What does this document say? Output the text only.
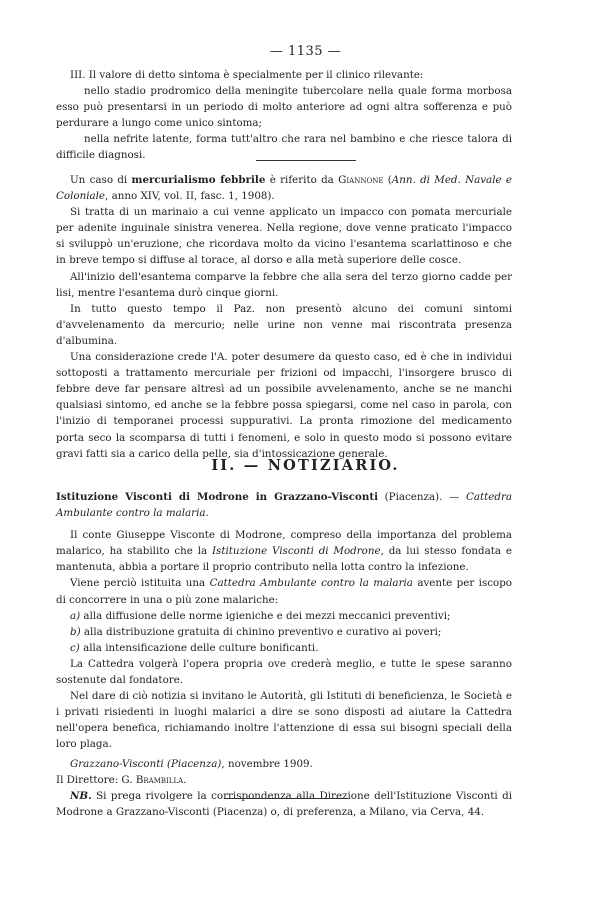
— 1135 —

III. Il valore di detto sintoma è specialmente per il clinico rilevante:

nello stadio prodromico della meningite tubercolare nella quale forma morbosa esso può presentarsi in un periodo di molto anteriore ad ogni altra sofferenza e può perdurare a lungo come unico sintoma;

nella nefrite latente, forma tutt'altro che rara nel bambino e che riesce talora di difficile diagnosi.

Un caso di mercurialismo febbrile è riferito da Giannone (Ann. di Med. Navale e Coloniale, anno XIV, vol. II, fasc. 1, 1908).

Si tratta di un marinaio a cui venne applicato un impacco con pomata mercuriale per adenite inguinale sinistra venerea. Nella regione, dove venne praticato l'impacco si sviluppò un'eruzione, che ricordava molto da vicino l'esantema scarlattinoso e che in breve tempo si diffuse al torace, al dorso e alla metà superiore delle cosce.

All'inizio dell'esantema comparve la febbre che alla sera del terzo giorno cadde per lisi, mentre l'esantema durò cinque giorni.

In tutto questo tempo il Paz. non presentò alcuno dei comuni sintomi d'avvelenamento da mercurio; nelle urine non venne mai riscontrata presenza d'albumina.

Una considerazione crede l'A. poter desumere da questo caso, ed è che in individui sottoposti a trattamento mercuriale per frizioni od impacchi, l'insorgere brusco di febbre deve far pensare altresì ad un possibile avvelenamento, anche se ne manchi qualsiasi sintomo, ed anche se la febbre possa spiegarsi, come nel caso in parola, con l'inizio di temporanei processi suppurativi. La pronta rimozione del medicamento porta seco la scomparsa di tutti i fenomeni, e solo in questo modo si possono evitare gravi fatti sia a carico della pelle, sia d'intossicazione generale.

II. — NOTIZIARIO.

Istituzione Visconti di Modrone in Grazzano-Visconti (Piacenza). — Cattedra Ambulante contro la malaria.

Il conte Giuseppe Visconte di Modrone, compreso della importanza del problema malarico, ha stabilito che la Istituzione Visconti di Modrone, da lui stesso fondata e mantenuta, abbia a portare il proprio contributo nella lotta contro la infezione.

Viene perciò istituita una Cattedra Ambulante contro la malaria avente per iscopo di concorrere in una o più zone malariche:

a) alla diffusione delle norme igieniche e dei mezzi meccanici preventivi;

b) alla distribuzione gratuita di chinino preventivo e curativo ai poveri;

c) alla intensificazione delle culture bonificanti.

La Cattedra volgerà l'opera propria ove crederà meglio, e tutte le spese saranno sostenute dal fondatore.

Nel dare di ciò notizia si invitano le Autorità, gli Istituti di beneficienza, le Società e i privati risiedenti in luoghi malarici a dire se sono disposti ad aiutare la Cattedra nell'opera benefica, richiamando inoltre l'attenzione di essa sui bisogni speciali della loro plaga.

Grazzano-Visconti (Piacenza), novembre 1909.

Il Direttore: G. Brambilla.

NB. Si prega rivolgere la corrispondenza alla Direzione dell'Istituzione Visconti di Modrone a Grazzano-Visconti (Piacenza) o, di preferenza, a Milano, via Cerva, 44.
